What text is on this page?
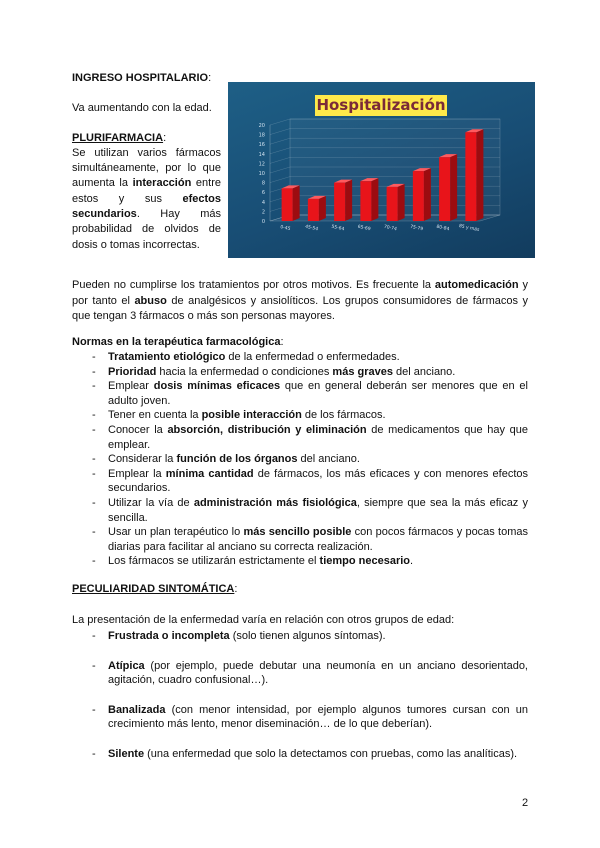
INGRESO HOSPITALARIO:
Va aumentando con la edad.
PLURIFARMACIA:
Se utilizan varios fármacos simultáneamente, por lo que aumenta la interacción entre estos y sus efectos secundarios. Hay más probabilidad de olvidos de dosis o tomas incorrectas.
Hospitalización
0
2
4
6
8
10
12
14
16
18
20
0-45	45-54	55-64	65-69	70-74	75-79	80-84 85 y más
Pueden no cumplirse los tratamientos por otros motivos. Es frecuente la automedicación y por tanto el abuso de analgésicos y ansiolíticos. Los grupos consumidores de fármacos y que tengan 3 fármacos o más son personas mayores.
Normas en la terapéutica farmacológica:
- Tratamiento etiológico de la enfermedad o enfermedades.
- Prioridad hacia la enfermedad o condiciones más graves del anciano.
- Emplear dosis mínimas eficaces que en general deberán ser menores que en el adulto joven.
- Tener en cuenta la posible interacción de los fármacos.
- Conocer la absorción, distribución y eliminación de medicamentos que hay que emplear.
- Considerar la función de los órganos del anciano.
- Emplear la mínima cantidad de fármacos, los más eficaces y con menores efectos secundarios.
- Utilizar la vía de administración más fisiológica, siempre que sea la más eficaz y sencilla.
- Usar un plan terapéutico lo más sencillo posible con pocos fármacos y pocas tomas diarias para facilitar al anciano su correcta realización.
- Los fármacos se utilizarán estrictamente el tiempo necesario.
PECULIARIDAD SINTOMÁTICA:
La presentación de la enfermedad varía en relación con otros grupos de edad:
- Frustrada o incompleta (solo tienen algunos síntomas).
- Atípica (por ejemplo, puede debutar una neumonía en un anciano desorientado, agitación, cuadro confusional…).
- Banalizada (con menor intensidad, por ejemplo algunos tumores cursan con un crecimiento más lento, menor diseminación… de lo que deberían).
- Silente (una enfermedad que solo la detectamos con pruebas, como las analíticas).
2
